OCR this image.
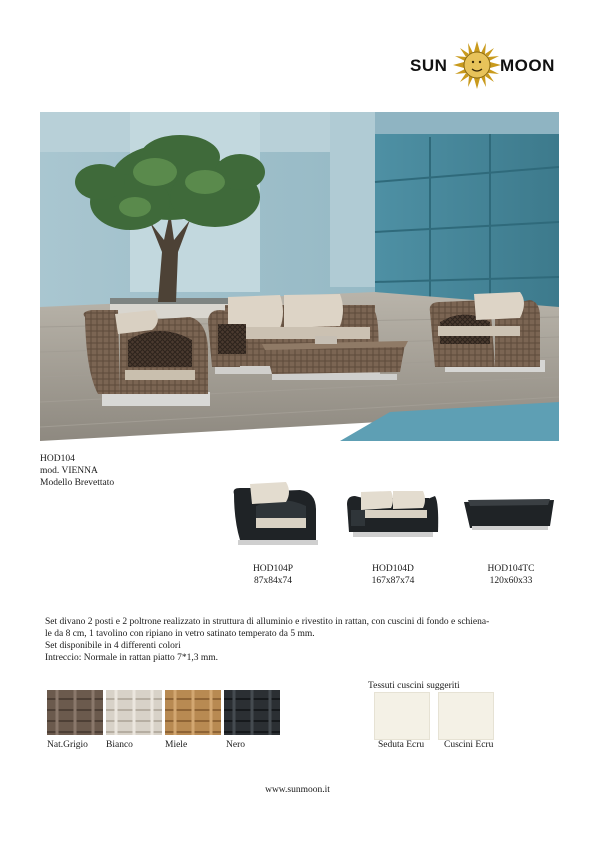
SUN	MOON
HOD104
mod. VIENNA
Modello Brevettato
HOD104P
87x84x74
HOD104D
167x87x74
HOD104TC
120x60x33

Set divano 2 posti e 2 poltrone realizzato in struttura di alluminio e rivestito in rattan, con cuscini di fondo e schiena-

le da 8 cm, 1 tavolino con ripiano in vetro satinato temperato da 5 mm.

Set disponibile in 4 differenti colori

Intreccio: Normale in rattan piatto 7*1,3 mm.

Nat.Grigio Bianco	Miele	Nero
Tessuti cuscini suggeriti
Seduta Ecru Cuscini Ecru
www.sunmoon.it
